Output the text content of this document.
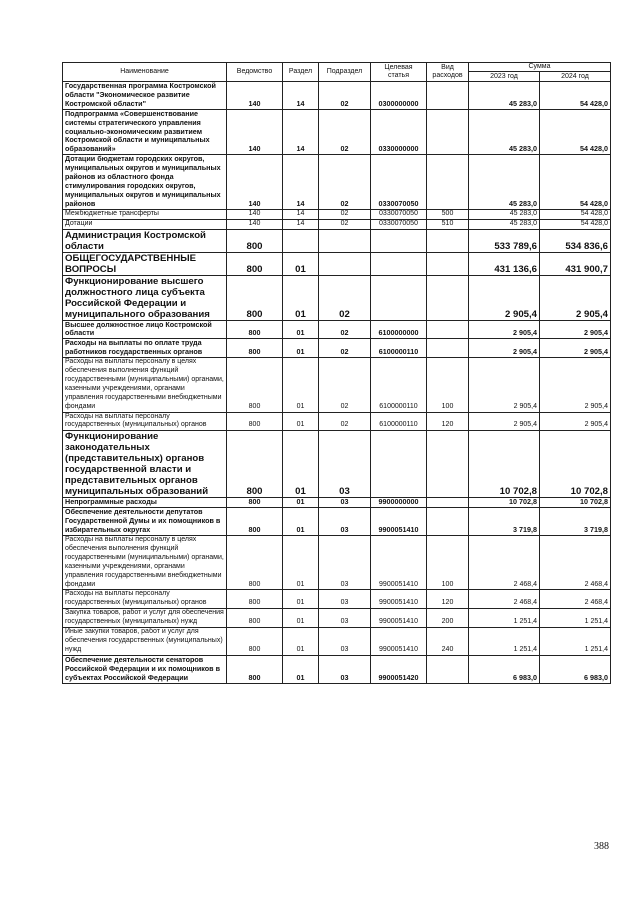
Наименование	Ведомство	Раздел	Подраздел	Целевая статья	Вид расходов	Сумма	
						2023 год	2024 год
Государственная программа Костромской области "Экономическое развитие Костромской области"	140	14	02	0300000000		45 283,0	54 428,0
Подпрограмма «Совершенствование системы стратегического управления социально-экономическим развитием Костромской области и муниципальных образований»	140	14	02	0330000000		45 283,0	54 428,0
Дотации бюджетам городских округов, муниципальных округов и муниципальных районов из областного фонда стимулирования городских округов, муниципальных округов и муниципальных районов	140	14	02	0330070050		45 283,0	54 428,0
Межбюджетные трансферты	140	14	02	0330070050	500	45 283,0	54 428,0
Дотации	140	14	02	0330070050	510	45 283,0	54 428,0
Администрация Костромской области	800					533 789,6	534 836,6
ОБЩЕГОСУДАРСТВЕННЫЕ ВОПРОСЫ	800	01				431 136,6	431 900,7
Функционирование высшего должностного лица субъекта Российской Федерации и муниципального образования	800	01	02			2 905,4	2 905,4
Высшее должностное лицо Костромской области	800	01	02	6100000000		2 905,4	2 905,4
Расходы на выплаты по оплате труда работников государственных органов	800	01	02	6100000110		2 905,4	2 905,4
Расходы на выплаты персоналу в целях обеспечения выполнения функций государственными (муниципальными) органами, казенными учреждениями, органами управления государственными внебюджетными фондами	800	01	02	6100000110	100	2 905,4	2 905,4
Расходы на выплаты персоналу государственных (муниципальных) органов	800	01	02	6100000110	120	2 905,4	2 905,4
Функционирование законодательных (представительных) органов государственной власти и представительных органов муниципальных образований	800	01	03			10 702,8	10 702,8
Непрограммные расходы	800	01	03	9900000000		10 702,8	10 702,8
Обеспечение деятельности депутатов Государственной Думы и их помощников в избирательных округах	800	01	03	9900051410		3 719,8	3 719,8
Расходы на выплаты персоналу в целях обеспечения выполнения функций государственными (муниципальными) органами, казенными учреждениями, органами управления государственными внебюджетными фондами	800	01	03	9900051410	100	2 468,4	2 468,4
Расходы на выплаты персоналу государственных (муниципальных) органов	800	01	03	9900051410	120	2 468,4	2 468,4
Закупка товаров, работ и услуг для обеспечения государственных (муниципальных) нужд	800	01	03	9900051410	200	1 251,4	1 251,4
Иные закупки товаров, работ и услуг для обеспечения государственных (муниципальных) нужд	800	01	03	9900051410	240	1 251,4	1 251,4
Обеспечение деятельности сенаторов Российской Федерации и их помощников в субъектах Российской Федерации	800	01	03	9900051420		6 983,0	6 983,0
388
